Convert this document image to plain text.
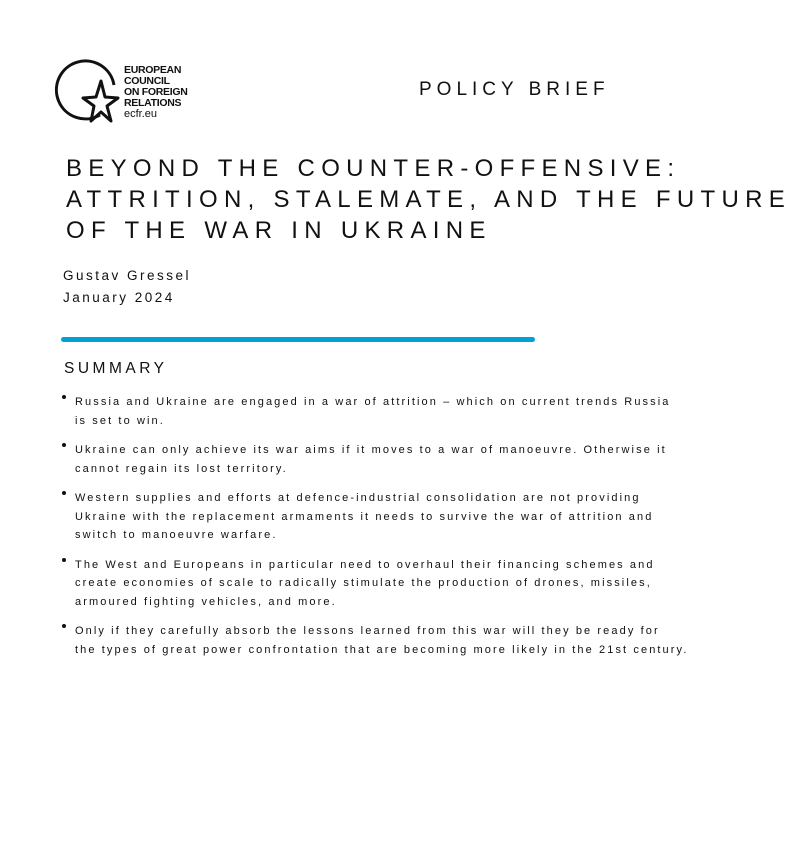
EUROPEAN
COUNCIL
ON FOREIGN
RELATIONS
ecfr.eu
POLICY BRIEF
BEYOND THE COUNTER-OFFENSIVE:
ATTRITION, STALEMATE, AND THE FUTURE
OF THE WAR IN UKRAINE
Gustav Gressel
January 2024
SUMMARY
Russia and Ukraine are engaged in a war of attrition – which on current trends Russia
is set to win.
Ukraine can only achieve its war aims if it moves to a war of manoeuvre. Otherwise it
cannot regain its lost territory.
Western supplies and efforts at defence-industrial consolidation are not providing
Ukraine with the replacement armaments it needs to survive the war of attrition and
switch to manoeuvre warfare.
The West and Europeans in particular need to overhaul their financing schemes and
create economies of scale to radically stimulate the production of drones, missiles,
armoured fighting vehicles, and more.
Only if they carefully absorb the lessons learned from this war will they be ready for
the types of great power confrontation that are becoming more likely in the 21st century.
